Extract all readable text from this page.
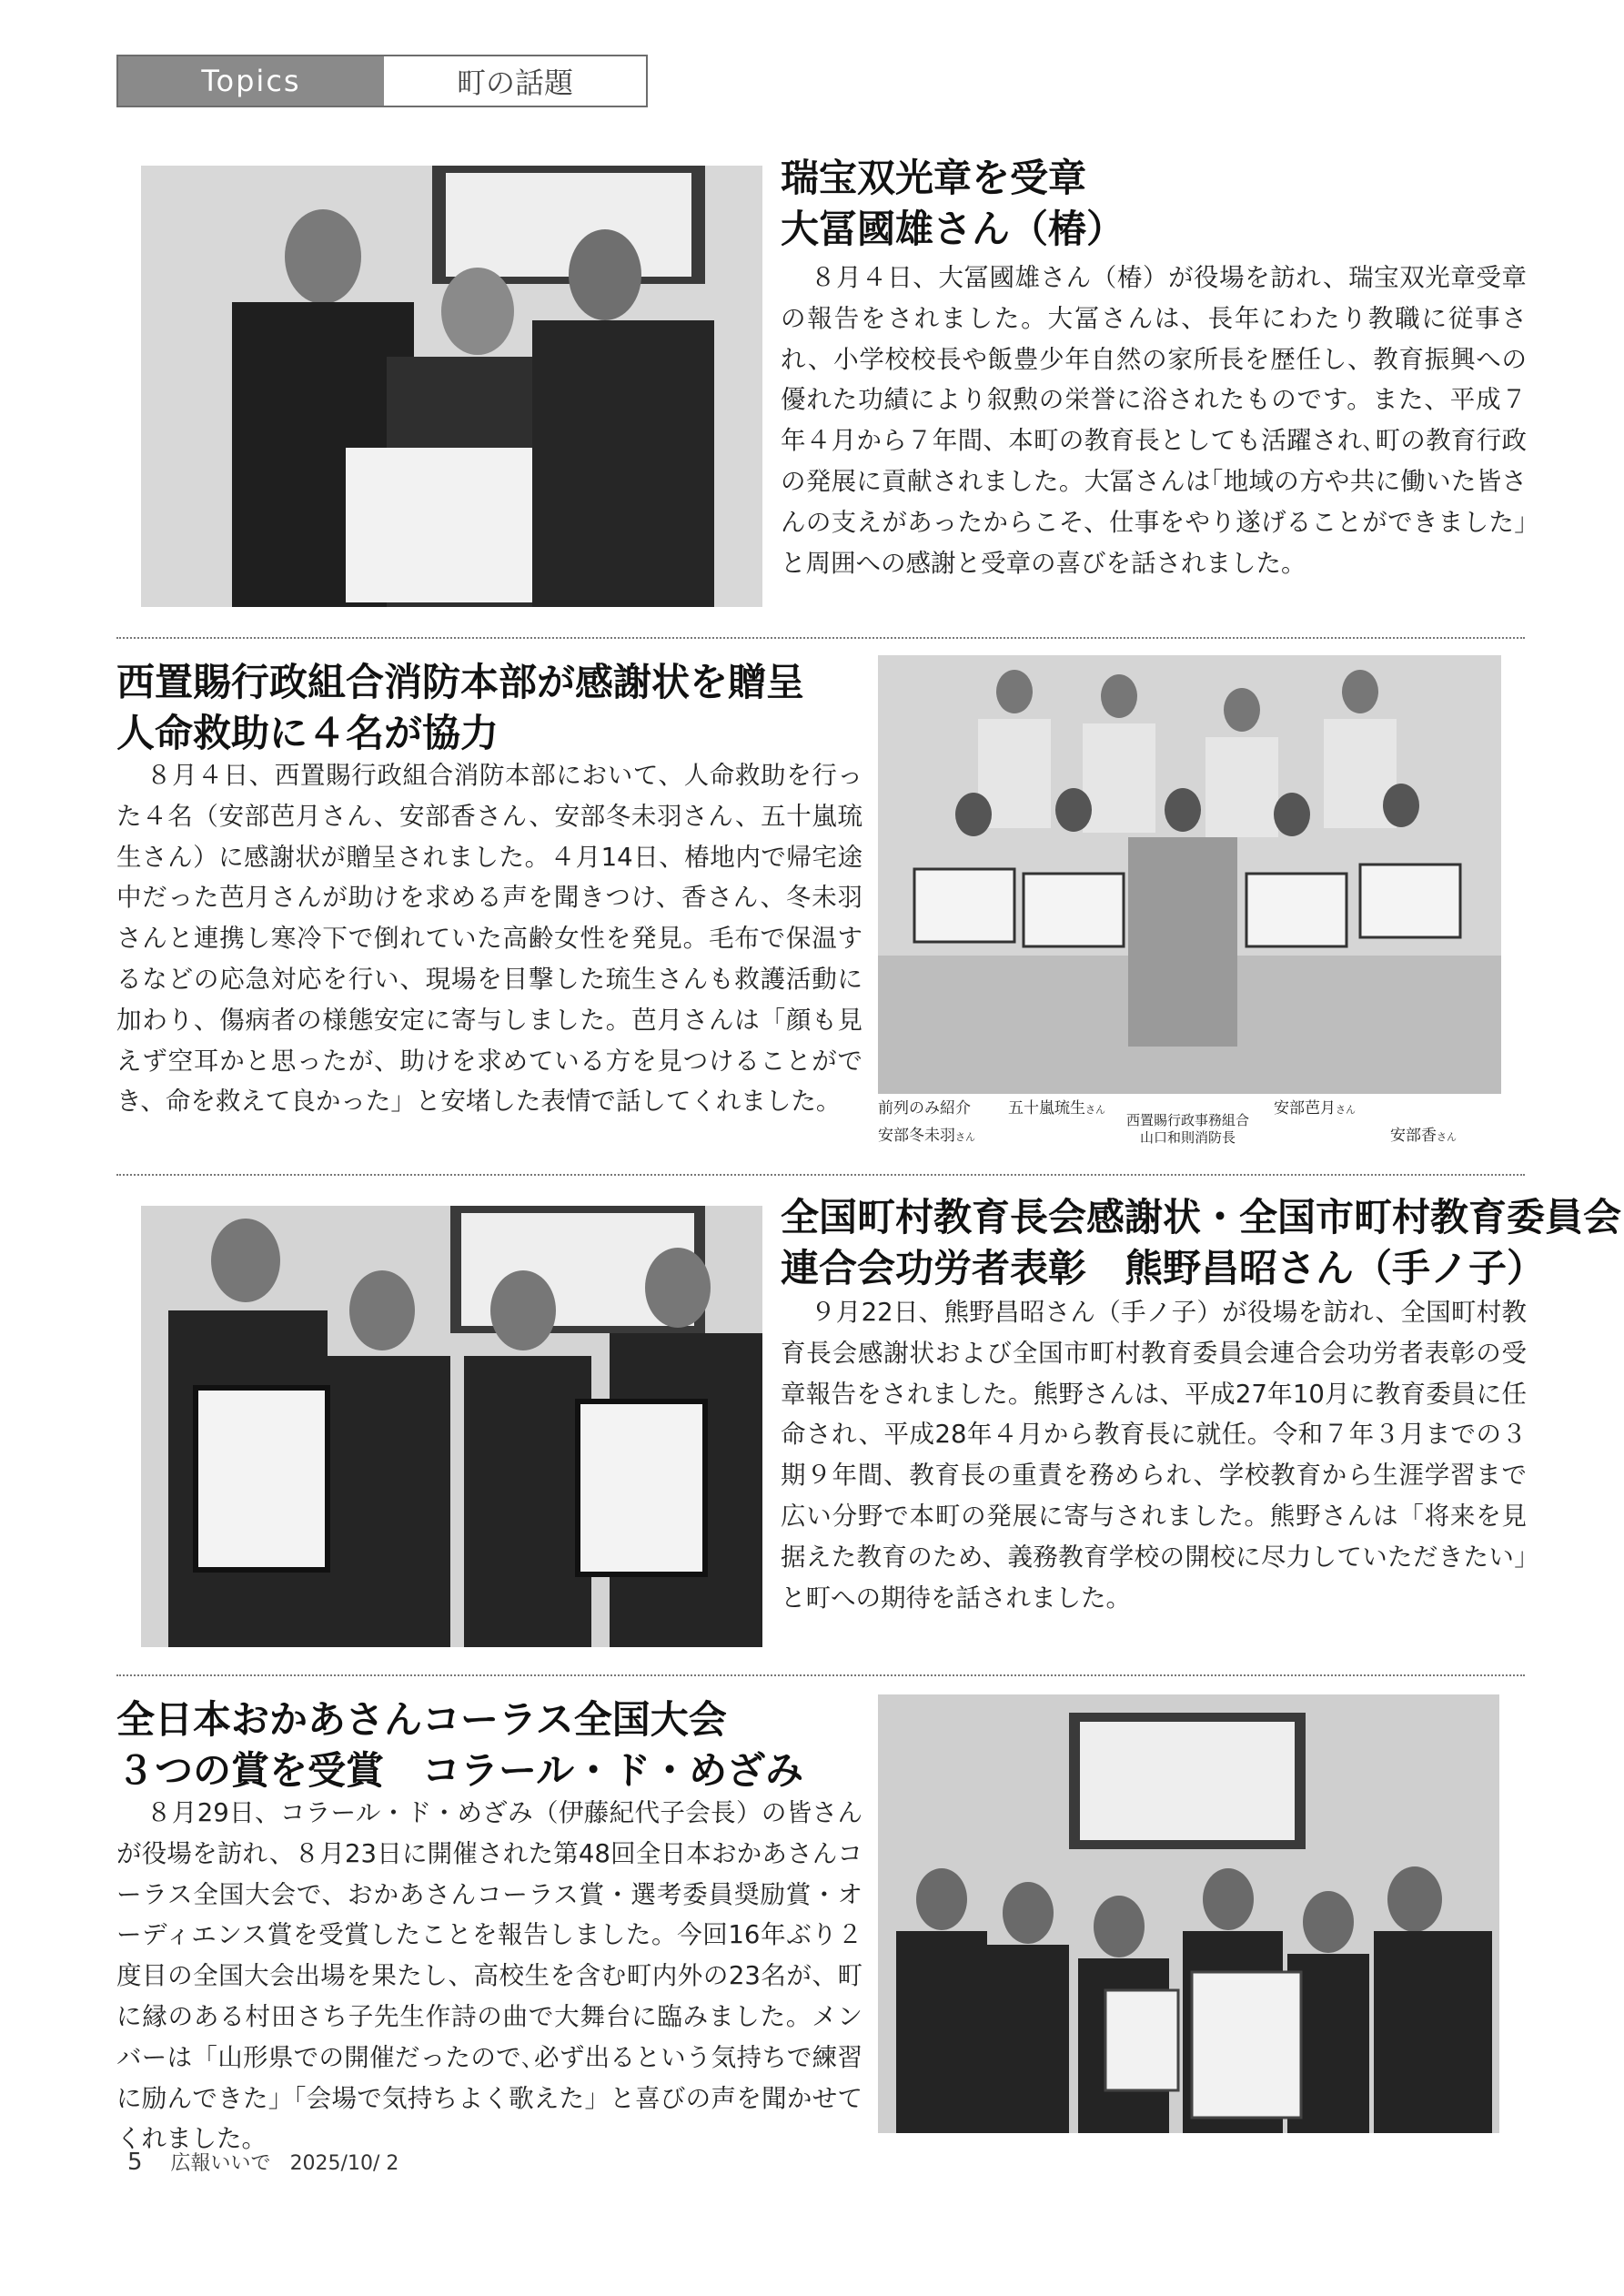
Topics	町の話題
瑞宝双光章を受章
大冨國雄さん（椿）

８月４日、大冨國雄さん（椿）が役場を訪れ、瑞宝双光章受章の報告をされました。大冨さんは、長年にわたり教職に従事され、小学校校長や飯豊少年自然の家所長を歴任し、教育振興への優れた功績により叙勲の栄誉に浴されたものです。また、平成７年４月から７年間、本町の教育長としても活躍され､町の教育行政の発展に貢献されました。大冨さんは｢地域の方や共に働いた皆さんの支えがあったからこそ、仕事をやり遂げることができました」と周囲への感謝と受章の喜びを話されました。

西置賜行政組合消防本部が感謝状を贈呈
人命救助に４名が協力

８月４日、西置賜行政組合消防本部において、人命救助を行った４名（安部芭月さん、安部香さん、安部冬未羽さん、五十嵐琉生さん）に感謝状が贈呈されました。４月14日、椿地内で帰宅途中だった芭月さんが助けを求める声を聞きつけ、香さん、冬未羽さんと連携し寒冷下で倒れていた高齢女性を発見。毛布で保温するなどの応急対応を行い、現場を目撃した琉生さんも救護活動に加わり、傷病者の様態安定に寄与しました。芭月さんは「顔も見えず空耳かと思ったが、助けを求めている方を見つけることができ、命を救えて良かった」と安堵した表情で話してくれました。	前列のみ紹介
安部冬未羽さん
五十嵐琉生さん
西置賜行政事務組合
山口和則消防長
安部芭月さん
安部香さん
全国町村教育長会感謝状・全国市町村教育委員会
連合会功労者表彰　熊野昌昭さん（手ノ子）

９月22日、熊野昌昭さん（手ノ子）が役場を訪れ、全国町村教育長会感謝状および全国市町村教育委員会連合会功労者表彰の受章報告をされました。熊野さんは、平成27年10月に教育委員に任命され、平成28年４月から教育長に就任。令和７年３月までの３期９年間、教育長の重責を務められ、学校教育から生涯学習まで広い分野で本町の発展に寄与されました。熊野さんは「将来を見据えた教育のため、義務教育学校の開校に尽力していただきたい」と町への期待を話されました。

全日本おかあさんコーラス全国大会
３つの賞を受賞　コラール・ド・めざみ

８月29日、コラール・ド・めざみ（伊藤紀代子会長）の皆さんが役場を訪れ、８月23日に開催された第48回全日本おかあさんコーラス全国大会で、おかあさんコーラス賞・選考委員奨励賞・オーディエンス賞を受賞したことを報告しました。今回16年ぶり２度目の全国大会出場を果たし、高校生を含む町内外の23名が、町に縁のある村田さち子先生作詩の曲で大舞台に臨みました。メンバーは「山形県での開催だったので､必ず出るという気持ちで練習に励んできた」「会場で気持ちよく歌えた」と喜びの声を聞かせてくれました。

5 広報いいで 2025/10/ 2
